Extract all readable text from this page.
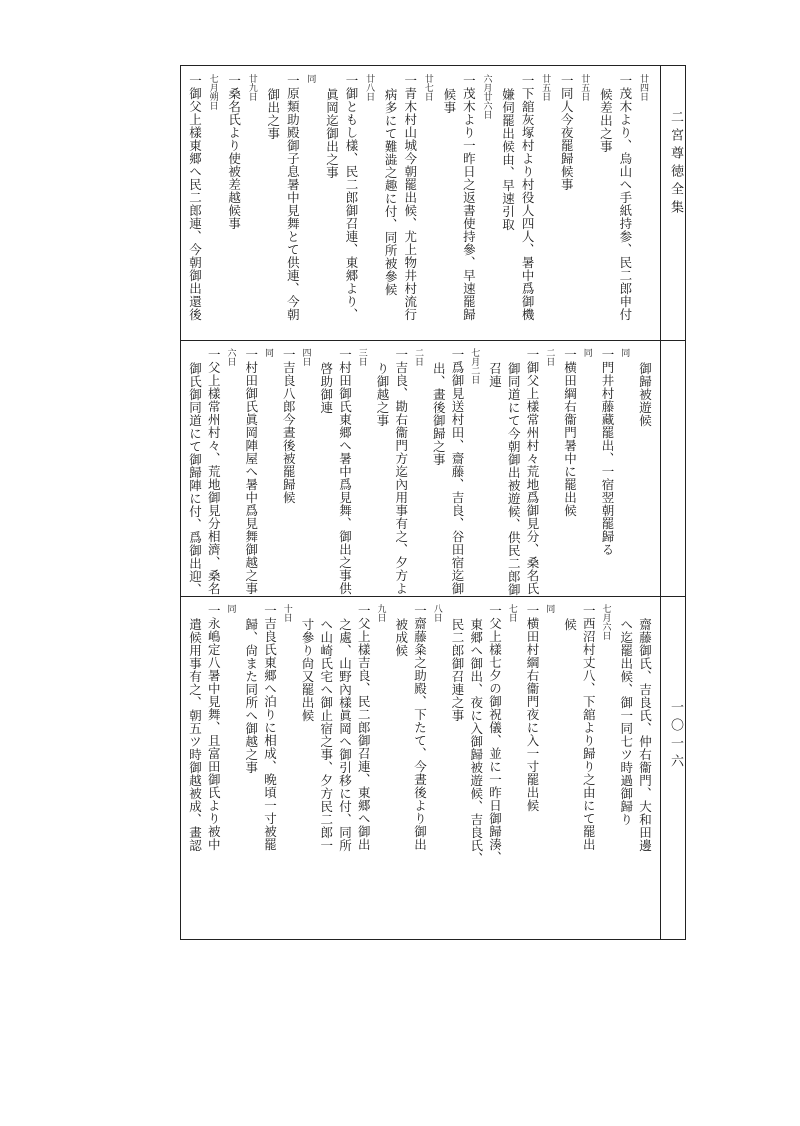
二宮尊徳全集
一〇一六
廿四日
一茂木より、烏山へ手紙持参、民二郎申付
候差出之事
廿五日
一同人今夜罷歸候事
廿五日
一下舘灰塚村より村役人四人、暑中爲御機
嫌伺罷出候由、早速引取
六月廿六日
一茂木より一昨日之返書使持參、早速罷歸
候事
廿七日
一青木村山城今朝罷出候、尤上物井村流行
病多にて難澁之趣に付、同所被參候
廿八日
一御ともし樣、民二郎御召連、東郷より、
眞岡迄御出之事
同
一原類助殿御子息暑中見舞とて供連、今朝
御出之事
廿九日
一桑名氏より使被差越候事
七月朔日
一御父上樣東郷へ民二郎連、今朝御出還後
御歸被遊候
同
一門井村藤藏罷出、一宿翌朝罷歸る
同
一横田綱右衞門暑中に罷出候
二日
一御父上樣常州村々荒地爲御見分、桑名氏
御同道にて今朝御出被遊候、供民二郎御
召連
七月二日
一爲御見送村田、齋藤、吉良、谷田宿迄御
出、畫後御歸之事
二日
一吉良、勘右衞門方迄內用事有之、夕方よ
り御越之事
三日
一村田御氏東郷へ暑中爲見舞、御出之事供
啓助御連
四日
一吉良八郎今晝後被罷歸候
同
一村田御氏眞岡陣屋へ暑中爲見舞御越之事
六日
一父上樣常州村々、荒地御見分相濟、桑名
御氏御同道にて御歸陣に付、爲御出迎、
齋藤御氏、吉良氏、仲右衞門、大和田邊
へ迄罷出候、御一同七ツ時過御歸り
七月六日
一西沼村丈八、下舘より歸り之由にて罷出
候
同
一横田村綱右衞門夜に入一寸罷出候
七日
一父上樣七夕の御祝儀、並に一昨日御歸湊、
東郷へ御出、夜に入御歸被遊候、吉良氏、
民二郎御召連之事
八日
一齋藤粂之助殿、下たて、今晝後より御出
被成候
九日
一父上樣吉良、民二郎御召連、東郷へ御出
之處、山野內樣眞岡へ御引移に付、同所
へ山崎氏宅へ御止宿之事、夕方民二郎一
寸參り尙又罷出候
十日
一吉良氏東郷へ泊りに相成、晩頃一寸被罷
歸、尙また同所へ御越之事
同
一永嶋定八暑中見舞、且富田御氏より被中
遣候用事有之、朝五ツ時御越被成、畫認
